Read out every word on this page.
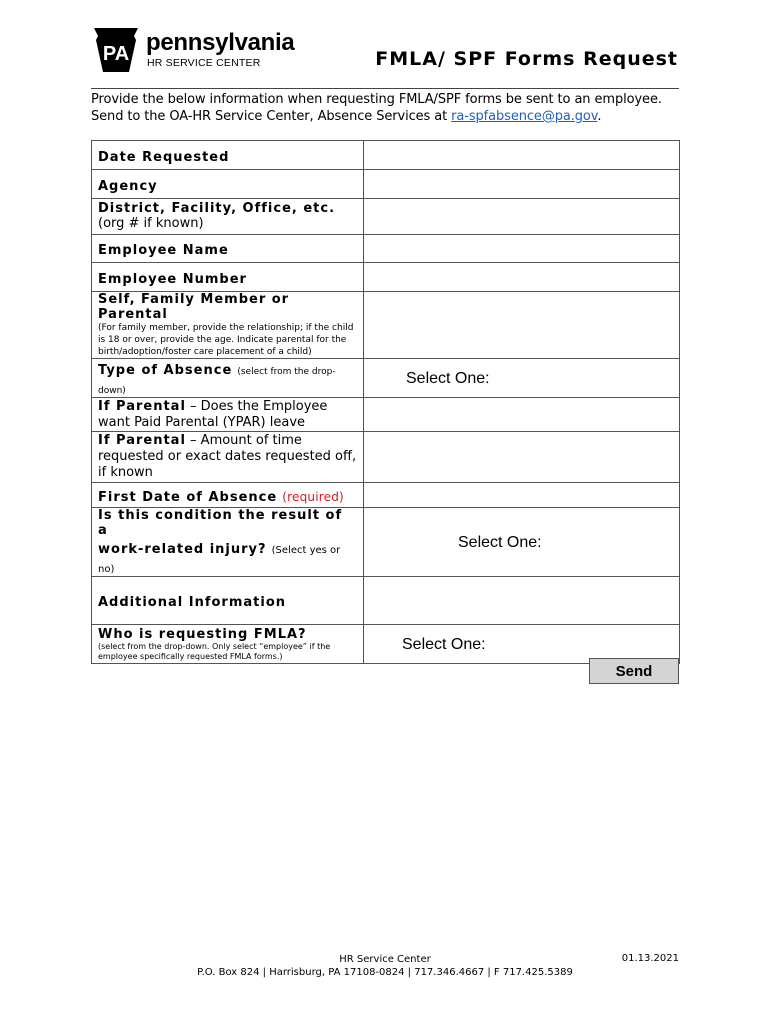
PA pennsylvania
HR SERVICE CENTER	FMLA/ SPF Forms Request
Provide the below information when requesting FMLA/SPF forms be sent to an employee.
Send to the OA-HR Service Center, Absence Services at ra-spfabsence@pa.gov.
Date Requested	
Agency	

District, Facility, Office, etc.
(org # if known)	

Employee Name	
Employee Number	

Self, Family Member or Parental
(For family member, provide the relationship; if the child is 18 or over, provide the age. Indicate parental for the birth/adoption/foster care placement of a child)	

Type of Absence (select from the drop-down)	Select One:

If Parental – Does the Employee want Paid Parental (YPAR) leave	

If Parental – Amount of time requested or exact dates requested off, if known	

First Date of Absence (required)	

Is this condition the result of a
work-related injury? (Select yes or no)	Select One:
Additional Information	

Who is requesting FMLA?
(select from the drop-down. Only select “employee” if the employee specifically requested FMLA forms.)	Select One:
Send
HR Service Center
P.O. Box 824 | Harrisburg, PA 17108-0824 | 717.346.4667 | F 717.425.5389
01.13.2021
